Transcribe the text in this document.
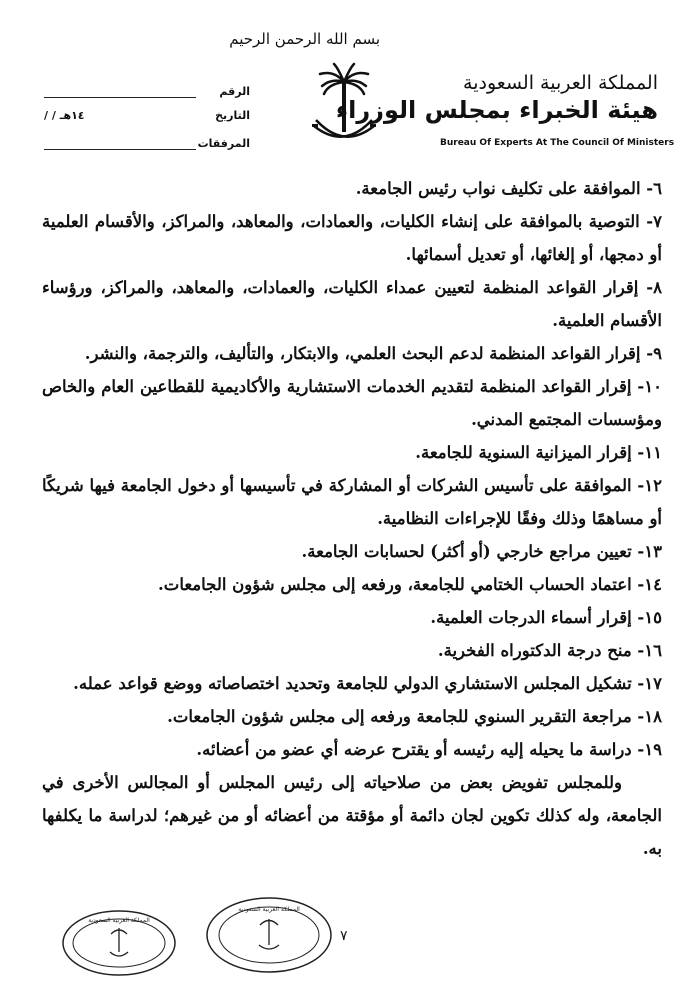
بسم الله الرحمن الرحيم
المملكة العربية السعودية
هيئة الخبراء بمجلس الوزراء
Bureau Of Experts At The Council Of Ministers
الرقم
التاريخ
/ / ١٤هـ
المرفقات

٦- الموافقة على تكليف نواب رئيس الجامعة.

٧- التوصية بالموافقة على إنشاء الكليات، والعمادات، والمعاهد، والمراكز، والأقسام العلمية أو دمجها، أو إلغائها، أو تعديل أسمائها.

٨- إقرار القواعد المنظمة لتعيين عمداء الكليات، والعمادات، والمعاهد، والمراكز، ورؤساء الأقسام العلمية.

٩- إقرار القواعد المنظمة لدعم البحث العلمي، والابتكار، والتأليف، والترجمة، والنشر.

١٠- إقرار القواعد المنظمة لتقديم الخدمات الاستشارية والأكاديمية للقطاعين العام والخاص ومؤسسات المجتمع المدني.

١١- إقرار الميزانية السنوية للجامعة.

١٢- الموافقة على تأسيس الشركات أو المشاركة في تأسيسها أو دخول الجامعة فيها شريكًا أو مساهمًا وذلك وفقًا للإجراءات النظامية.

١٣- تعيين مراجع خارجي (أو أكثر) لحسابات الجامعة.

١٤- اعتماد الحساب الختامي للجامعة، ورفعه إلى مجلس شؤون الجامعات.

١٥- إقرار أسماء الدرجات العلمية.

١٦- منح درجة الدكتوراه الفخرية.

١٧- تشكيل المجلس الاستشاري الدولي للجامعة وتحديد اختصاصاته ووضع قواعد عمله.

١٨- مراجعة التقرير السنوي للجامعة ورفعه إلى مجلس شؤون الجامعات.

١٩- دراسة ما يحيله إليه رئيسه أو يقترح عرضه أي عضو من أعضائه.

وللمجلس تفويض بعض من صلاحياته إلى رئيس المجلس أو المجالس الأخرى في الجامعة، وله كذلك تكوين لجان دائمة أو مؤقتة من أعضائه أو من غيرهم؛ لدراسة ما يكلفها به.

٧
المملكة العربية السعودية
المملكة العربية السعودية
